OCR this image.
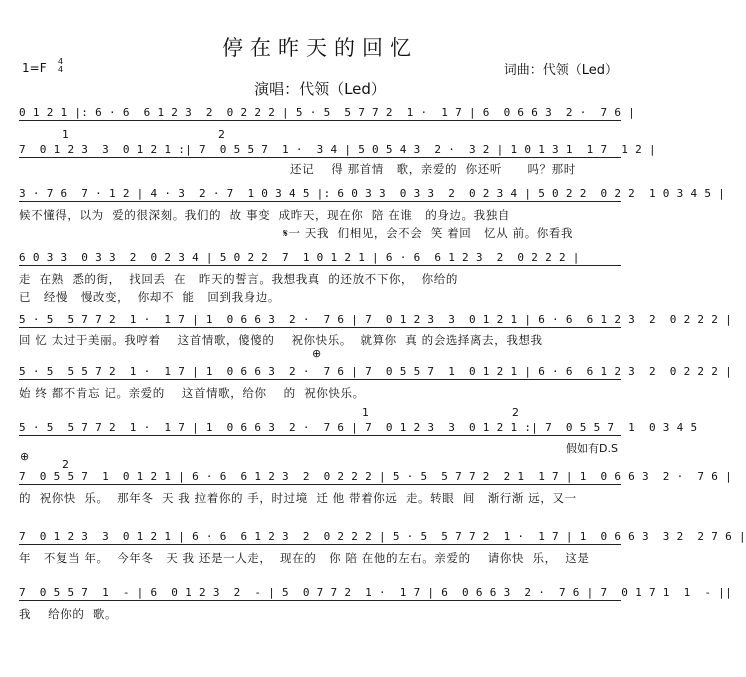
停在昨天的回忆
1=F 4
4	词曲：代领（Led）
演唱：代领（Led）
0 1 2 1 |: 6 · 6  6 1 2 3  2  0 2 2 2 | 5 · 5  5 7 7 2  1 ·  1 7 | 6  0 6 6 3  2 ·  7 6 |
1	2
7  0 1 2 3  3  0 1 2 1 :| 7  0 5 5 7  1 ·  3 4 | 5 0 5 4 3  2 ·  3 2 | 1 0 1 3 1  1 7  1 2 |
还记    得 那首情   歌，亲爱的  你还听      吗？那时
3 · 7 6  7 · 1 2 | 4 · 3  2 · 7  1 0 3 4 5 |: 6 0 3 3  0 3 3  2  0 2 3 4 | 5 0 2 2  0 2 2  1 0 3 4 5 |
候不懂得，以为  爱的很深刻。我们的  故 事变  成昨天，现在你  陪 在谁   的身边。我独自
𝄋一 天我  们相见，会不会  笑 着回   忆从 前。你看我
6 0 3 3  0 3 3  2  0 2 3 4 | 5 0 2 2  7  1 0 1 2 1 | 6 · 6  6 1 2 3  2  0 2 2 2 |
走  在熟  悉的街，  找回丢  在   昨天的誓言。我想我真  的还放不下你，  你给的
已   经慢   慢改变，  你却不  能   回到我身边。
5 · 5  5 7 7 2  1 ·  1 7 | 1  0 6 6 3  2 ·  7 6 | 7  0 1 2 3  3  0 1 2 1 | 6 · 6  6 1 2 3  2  0 2 2 2 |
回 忆 太过于美丽。我哼着    这首情歌，傻傻的    祝你快乐。  就算你  真 的会选择离去，我想我
⊕
5 · 5  5 5 7 2  1 ·  1 7 | 1  0 6 6 3  2 ·  7 6 | 7  0 5 5 7  1  0 1 2 1 | 6 · 6  6 1 2 3  2  0 2 2 2 |
始 终 都不肯忘 记。亲爱的    这首情歌，给你    的  祝你快乐。
1	2
5 · 5  5 7 7 2  1 ·  1 7 | 1  0 6 6 3  2 ·  7 6 | 7  0 1 2 3  3  0 1 2 1 :| 7  0 5 5 7  1  0 3 4 5
假如有D.S
⊕
2
7  0 5 5 7  1  0 1 2 1 | 6 · 6  6 1 2 3  2  0 2 2 2 | 5 · 5  5 7 7 2  2 1  1 7 | 1  0 6 6 3  2 ·  7 6 |
的  祝你快  乐。  那年冬  天 我 拉着你的 手，时过境  迁 他 带着你远  走。转眼  间   渐行渐 远，又一
7  0 1 2 3  3  0 1 2 1 | 6 · 6  6 1 2 3  2  0 2 2 2 | 5 · 5  5 7 7 2  1 ·  1 7 | 1  0 6 6 3  3 2  2 7 6 |
年   不复当 年。  今年冬   天 我 还是一人走，  现在的   你 陪 在他的左右。亲爱的    请你快  乐，  这是
7  0 5 5 7  1  - | 6  0 1 2 3  2  - | 5  0 7 7 2  1 ·  1 7 | 6  0 6 6 3  2 ·  7 6 | 7  0 1 7 1  1  - ||
我    给你的  歌。
